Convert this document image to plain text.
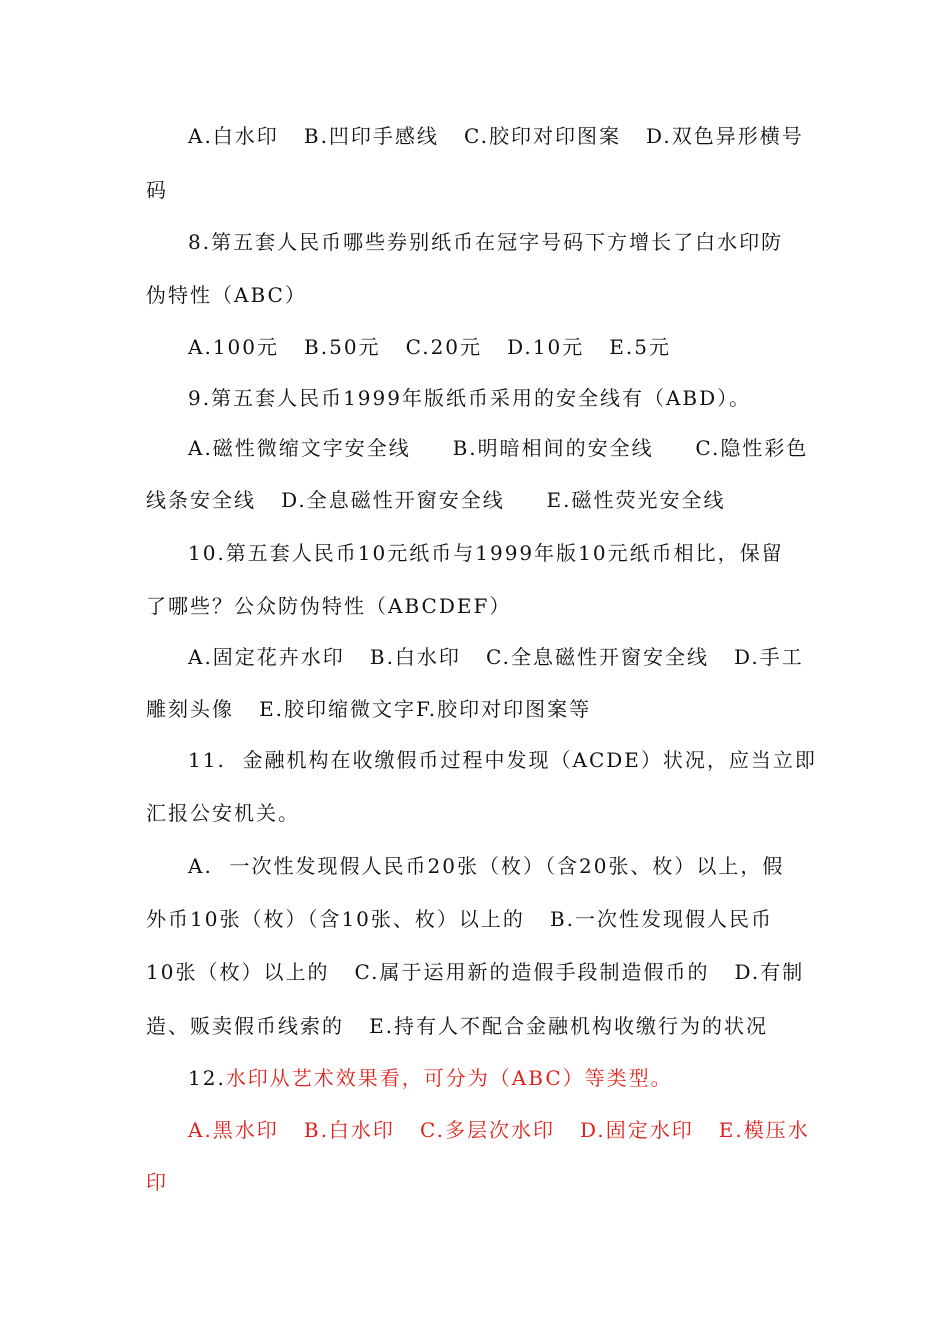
A.白水印   B.凹印手感线   C.胶印对印图案   D.双色异形横号
码
8.第五套人民币哪些券别纸币在冠字号码下方增长了白水印防
伪特性（ABC）
A.100元   B.50元   C.20元   D.10元   E.5元
9.第五套人民币1999年版纸币采用的安全线有（ABD）。
A.磁性微缩文字安全线     B.明暗相间的安全线     C.隐性彩色
线条安全线   D.全息磁性开窗安全线     E.磁性荧光安全线
10.第五套人民币10元纸币与1999年版10元纸币相比，保留
了哪些？公众防伪特性（ABCDEF）
A.固定花卉水印   B.白水印   C.全息磁性开窗安全线   D.手工
雕刻头像   E.胶印缩微文字F.胶印对印图案等
11.  金融机构在收缴假币过程中发现（ACDE）状况，应当立即
汇报公安机关。
A.  一次性发现假人民币20张（枚）（含20张、枚）以上，假
外币10张（枚）（含10张、枚）以上的   B.一次性发现假人民币
10张（枚）以上的   C.属于运用新的造假手段制造假币的   D.有制
造、贩卖假币线索的   E.持有人不配合金融机构收缴行为的状况
12.水印从艺术效果看，可分为（ABC）等类型。
A.黑水印   B.白水印   C.多层次水印   D.固定水印   E.模压水
印
